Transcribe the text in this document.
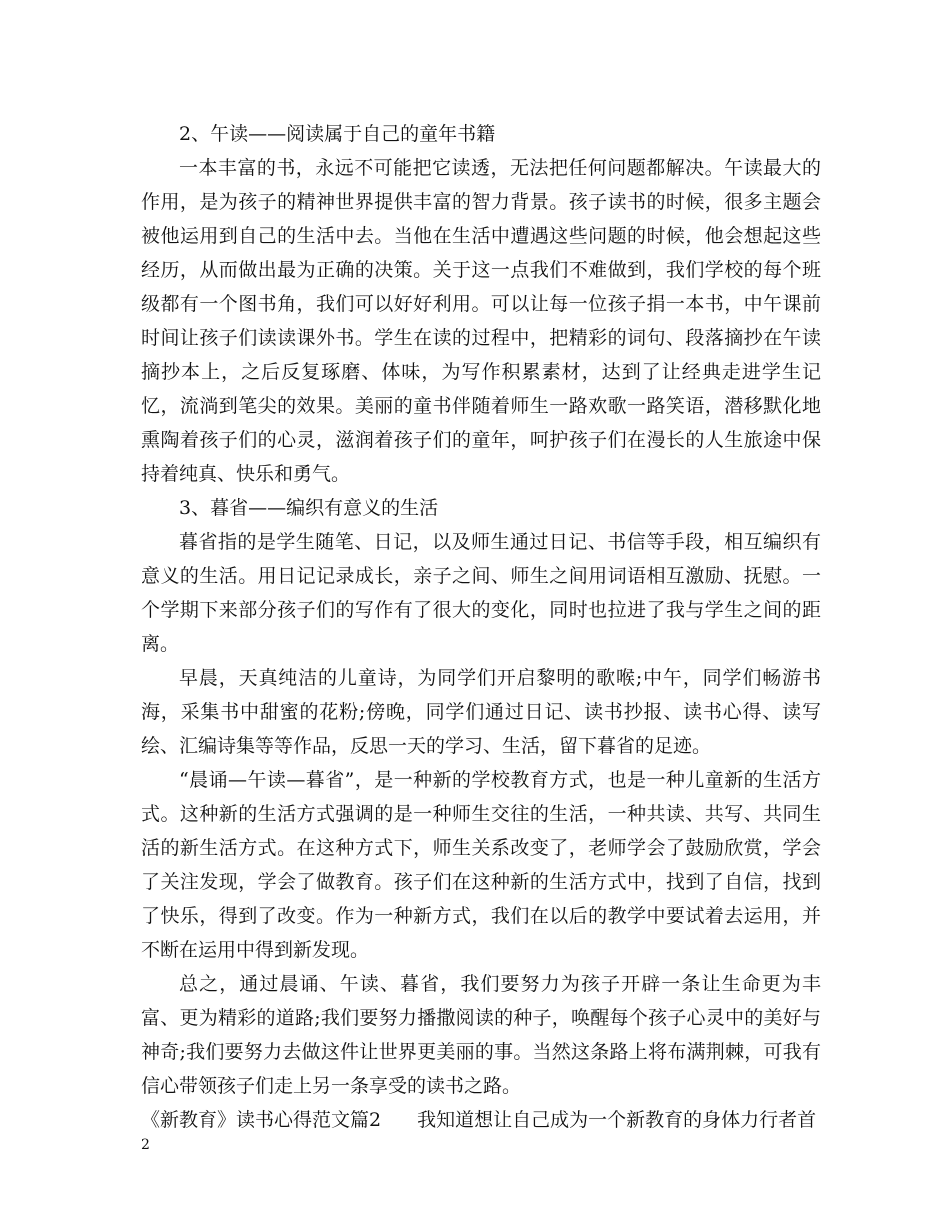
2、午读——阅读属于自己的童年书籍

一本丰富的书，永远不可能把它读透，无法把任何问题都解决。午读最大的作用，是为孩子的精神世界提供丰富的智力背景。孩子读书的时候，很多主题会被他运用到自己的生活中去。当他在生活中遭遇这些问题的时候，他会想起这些经历，从而做出最为正确的决策。关于这一点我们不难做到，我们学校的每个班级都有一个图书角，我们可以好好利用。可以让每一位孩子捐一本书，中午课前时间让孩子们读读课外书。学生在读的过程中，把精彩的词句、段落摘抄在午读摘抄本上，之后反复琢磨、体味，为写作积累素材，达到了让经典走进学生记忆，流淌到笔尖的效果。美丽的童书伴随着师生一路欢歌一路笑语，潜移默化地熏陶着孩子们的心灵，滋润着孩子们的童年，呵护孩子们在漫长的人生旅途中保持着纯真、快乐和勇气。

3、暮省——编织有意义的生活

暮省指的是学生随笔、日记，以及师生通过日记、书信等手段，相互编织有意义的生活。用日记记录成长，亲子之间、师生之间用词语相互激励、抚慰。一个学期下来部分孩子们的写作有了很大的变化，同时也拉进了我与学生之间的距离。

早晨，天真纯洁的儿童诗，为同学们开启黎明的歌喉;中午，同学们畅游书海，采集书中甜蜜的花粉;傍晚，同学们通过日记、读书抄报、读书心得、读写绘、汇编诗集等等作品，反思一天的学习、生活，留下暮省的足迹。

“晨诵—午读—暮省”，是一种新的学校教育方式，也是一种儿童新的生活方式。这种新的生活方式强调的是一种师生交往的生活，一种共读、共写、共同生活的新生活方式。在这种方式下，师生关系改变了，老师学会了鼓励欣赏，学会了关注发现，学会了做教育。孩子们在这种新的生活方式中，找到了自信，找到了快乐，得到了改变。作为一种新方式，我们在以后的教学中要试着去运用，并不断在运用中得到新发现。

总之，通过晨诵、午读、暮省，我们要努力为孩子开辟一条让生命更为丰富、更为精彩的道路;我们要努力播撒阅读的种子，唤醒每个孩子心灵中的美好与神奇;我们要努力去做这件让世界更美丽的事。当然这条路上将布满荆棘，可我有信心带领孩子们走上另一条享受的读书之路。

《新教育》读书心得范文篇2 我知道想让自己成为一个新教育的身体力行者首

2
